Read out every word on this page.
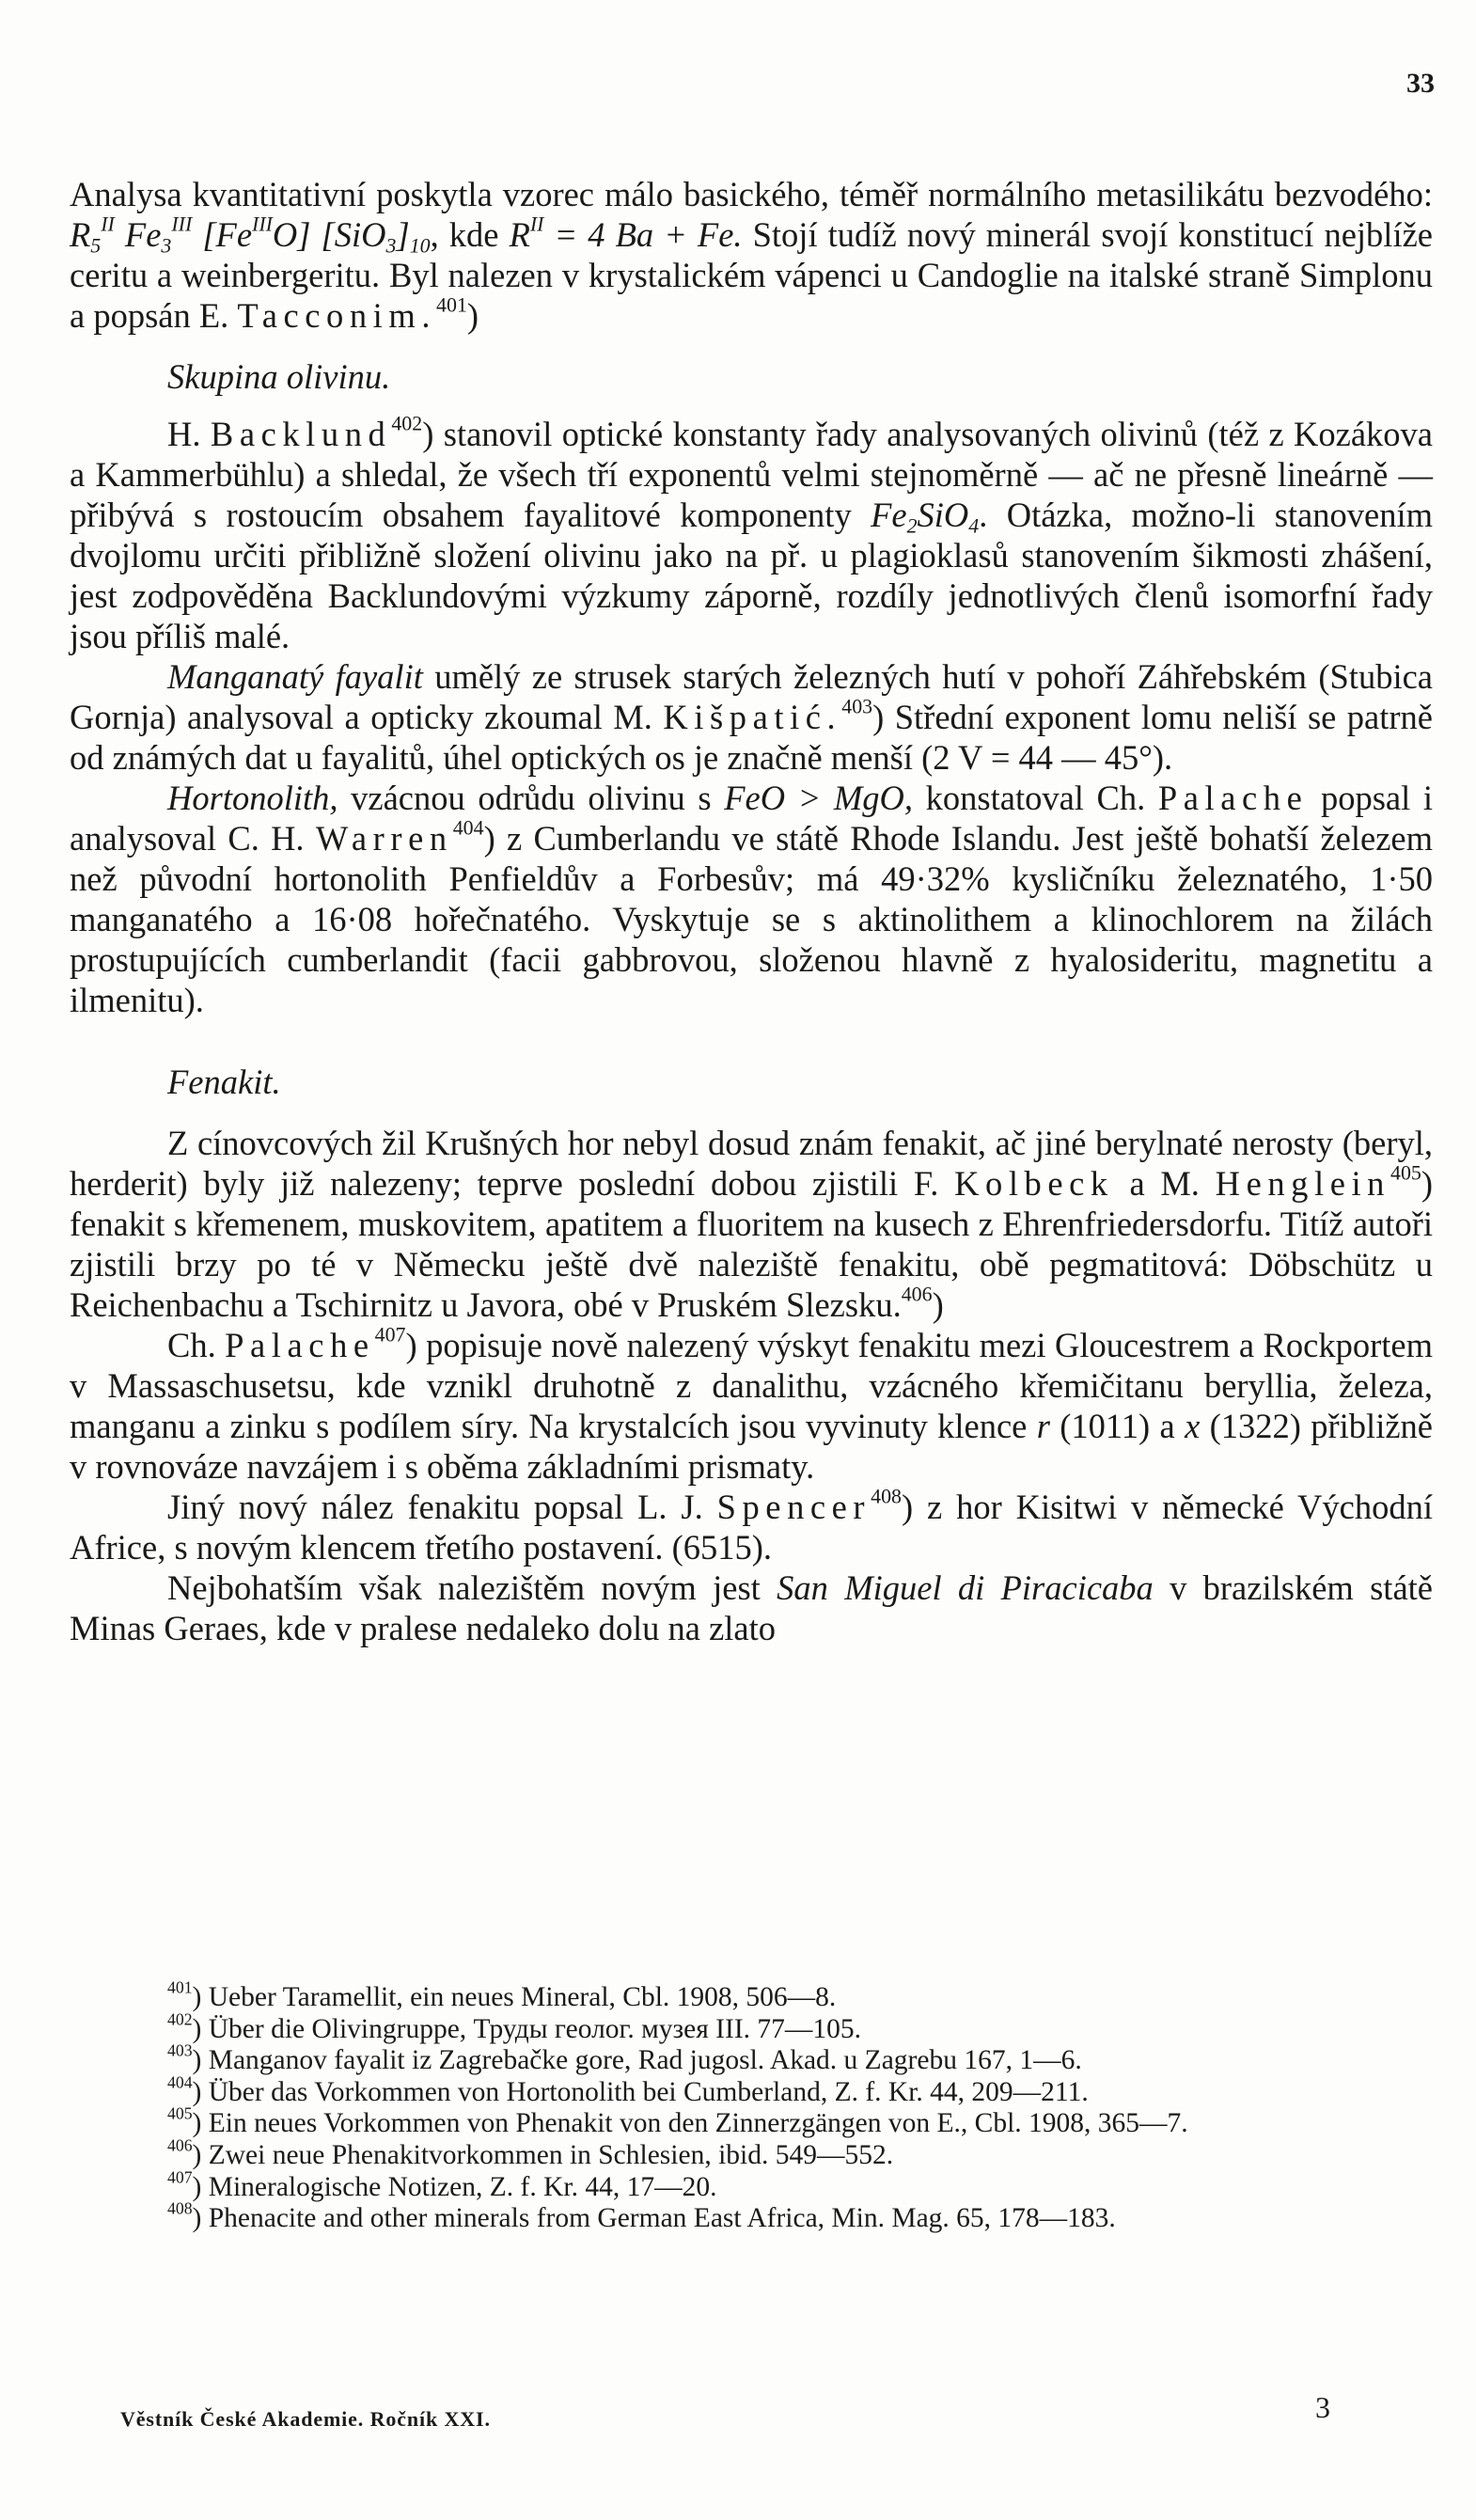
33

Analysa kvantitativní poskytla vzorec málo basického, téměř normálního metasilikátu bezvodého: $R_5^{II}$ $Fe_3^{III}$ $[Fe^{III}O]$ $[SiO_3]_{10}$, kde $R^{II} = 4$ Ba + Fe. Stojí tudíž nový minerál svojí konstitucí nejblíže ceritu a weinbergeritu. Byl nalezen v krystalickém vápenci u Candoglie na italské straně Simplonu a popsán E. Tacconim.$^{401}$)

Skupina olivinu.

H. Backlund$^{402}$) stanovil optické konstanty řady analysovaných olivinů (též z Kozákova a Kammerbühlu) a shledal, že všech tří exponentů velmi stejnoměrně — ač ne přesně lineárně — přibývá s rostoucím obsahem fayalitové komponenty $Fe_2SiO_4$. Otázka, možno-li stanovením dvojlomu určiti přibližně složení olivinu jako na př. u plagioklasů stanovením šikmosti zhášení, jest zodpověděna Backlundovými výzkumy záporně, rozdíly jednotlivých členů isomorfní řady jsou příliš malé.

Manganatý fayalit umělý ze strusek starých železných hutí v pohoří Záhřebském (Stubica Gornja) analysoval a opticky zkoumal M. Kišpatić.$^{403}$) Střední exponent lomu neliší se patrně od známých dat u fayalitů, úhel optických os je značně menší (2 V = 44 — 45°).

Hortonolith, vzácnou odrůdu olivinu s FeO > MgO, konstatoval Ch. Palache popsal i analysoval C. H. Warren$^{404}$) z Cumberlandu ve státě Rhode Islandu. Jest ještě bohatší železem než původní hortonolith Penfieldův a Forbesův; má 49·32% kysličníku železnatého, 1·50 manganatého a 16·08 hořečnatého. Vyskytuje se s aktinolithem a klinochlorem na žilách prostupujících cumberlandit (facii gabbrovou, složenou hlavně z hyalosideritu, magnetitu a ilmenitu).

Fenakit.

Z cínovcových žil Krušných hor nebyl dosud znám fenakit, ač jiné berylnaté nerosty (beryl, herderit) byly již nalezeny; teprve poslední dobou zjistili F. Kolbeck a M. Henglein$^{405}$) fenakit s křemenem, muskovitem, apatitem a fluoritem na kusech z Ehrenfriedersdorfu. Titíž autoři zjistili brzy po té v Německu ještě dvě naleziště fenakitu, obě pegmatitová: Döbschütz u Reichenbachu a Tschirnitz u Javora, obé v Pruském Slezsku.$^{406}$)

Ch. Palache$^{407}$) popisuje nově nalezený výskyt fenakitu mezi Gloucestrem a Rockportem v Massaschusetsu, kde vznikl druhotně z danalithu, vzácného křemičitanu beryllia, železa, manganu a zinku s podílem síry. Na krystalcích jsou vyvinuty klence r (1011) a x (1322) přibližně v rovnováze navzájem i s oběma základními prismaty.

Jiný nový nález fenakitu popsal L. J. Spencer$^{408}$) z hor Kisitwi v německé Východní Africe, s novým klencem třetího postavení. (6515).

Nejbohatším však nalezištěm novým jest San Miguel di Piracicaba v brazilském státě Minas Geraes, kde v pralese nedaleko dolu na zlato

$^{401}$) Ueber Taramellit, ein neues Mineral, Cbl. 1908, 506—8.

$^{402}$) Über die Olivingruppe, Труды геолог. музея III. 77—105.

$^{403}$) Manganov fayalit iz Zagrebačke gore, Rad jugosl. Akad. u Zagrebu 167, 1—6.

$^{404}$) Über das Vorkommen von Hortonolith bei Cumberland, Z. f. Kr. 44, 209—211.

$^{405}$) Ein neues Vorkommen von Phenakit von den Zinnerzgängen von E., Cbl. 1908, 365—7.

$^{406}$) Zwei neue Phenakitvorkommen in Schlesien, ibid. 549—552.

$^{407}$) Mineralogische Notizen, Z. f. Kr. 44, 17—20.

$^{408}$) Phenacite and other minerals from German East Africa, Min. Mag. 65, 178—183.

Věstník České Akademie. Ročník XXI.	3
